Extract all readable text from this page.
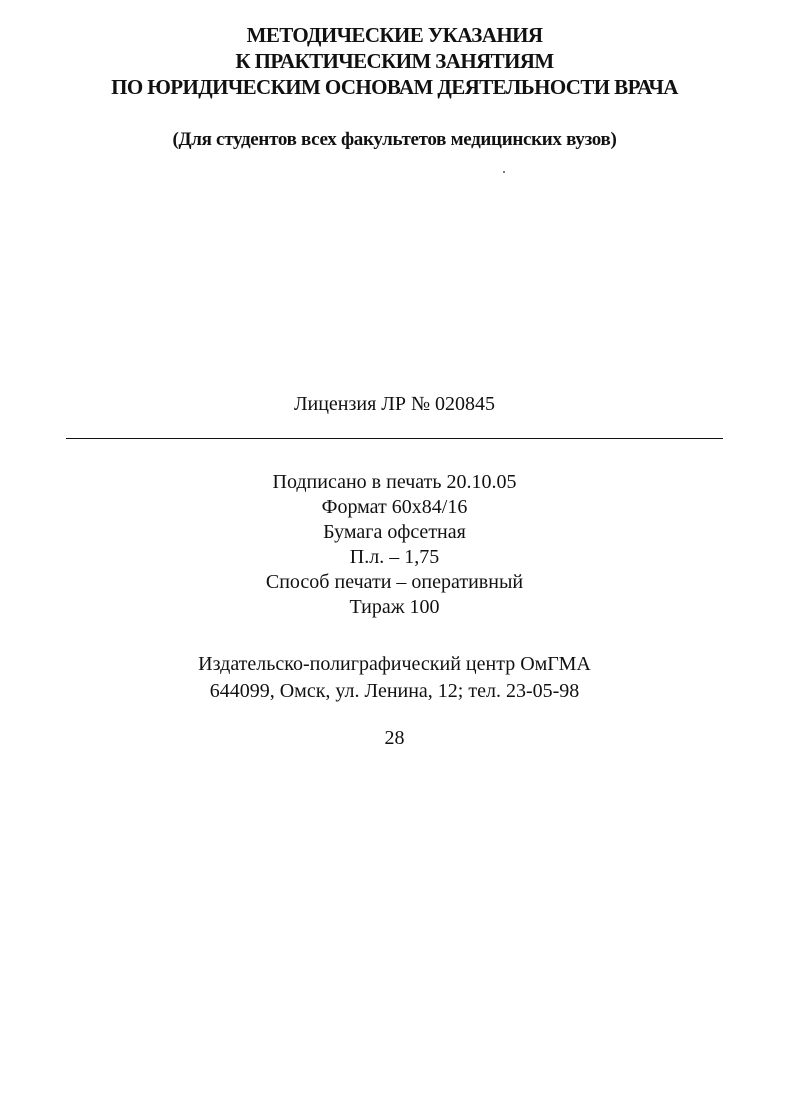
МЕТОДИЧЕСКИЕ УКАЗАНИЯ
К ПРАКТИЧЕСКИМ ЗАНЯТИЯМ
ПО ЮРИДИЧЕСКИМ ОСНОВАМ ДЕЯТЕЛЬНОСТИ ВРАЧА
(Для студентов всех факультетов медицинских вузов)
Лицензия ЛР № 020845
Подписано в печать 20.10.05
Формат 60х84/16
Бумага офсетная
П.л. – 1,75
Способ печати – оперативный
Тираж 100
Издательско-полиграфический центр ОмГМА
644099, Омск, ул. Ленина, 12; тел. 23-05-98
28
